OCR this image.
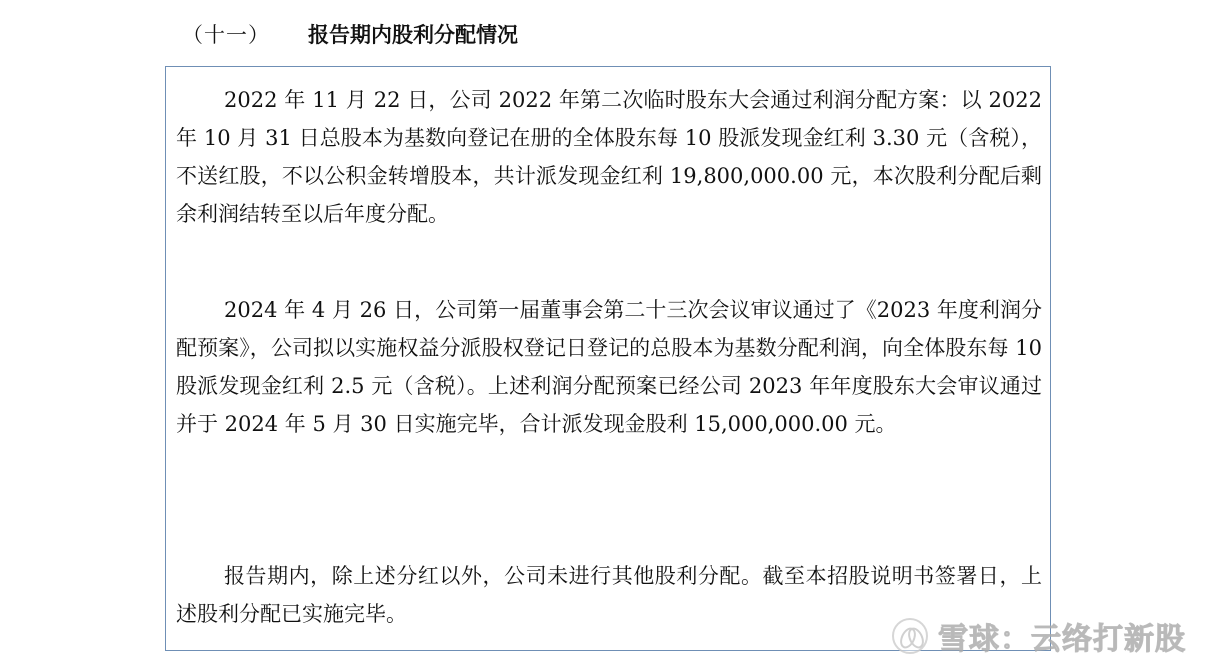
（十一）	报告期内股利分配情况
2022 年 11 月 22 日，公司 2022 年第二次临时股东大会通过利润分配方案：以 2022 年 10 月 31 日总股本为基数向登记在册的全体股东每 10 股派发现金红利 3.30 元（含税），不送红股，不以公积金转增股本，共计派发现金红利 19,800,000.00 元，本次股利分配后剩余利润结转至以后年度分配。
2024 年 4 月 26 日，公司第一届董事会第二十三次会议审议通过了《2023 年度利润分配预案》，公司拟以实施权益分派股权登记日登记的总股本为基数分配利润，向全体股东每 10 股派发现金红利 2.5 元（含税）。上述利润分配预案已经公司 2023 年年度股东大会审议通过并于 2024 年 5 月 30 日实施完毕，合计派发现金股利 15,000,000.00 元。
报告期内，除上述分红以外，公司未进行其他股利分配。截至本招股说明书签署日，上述股利分配已实施完毕。
雪球：云络打新股
